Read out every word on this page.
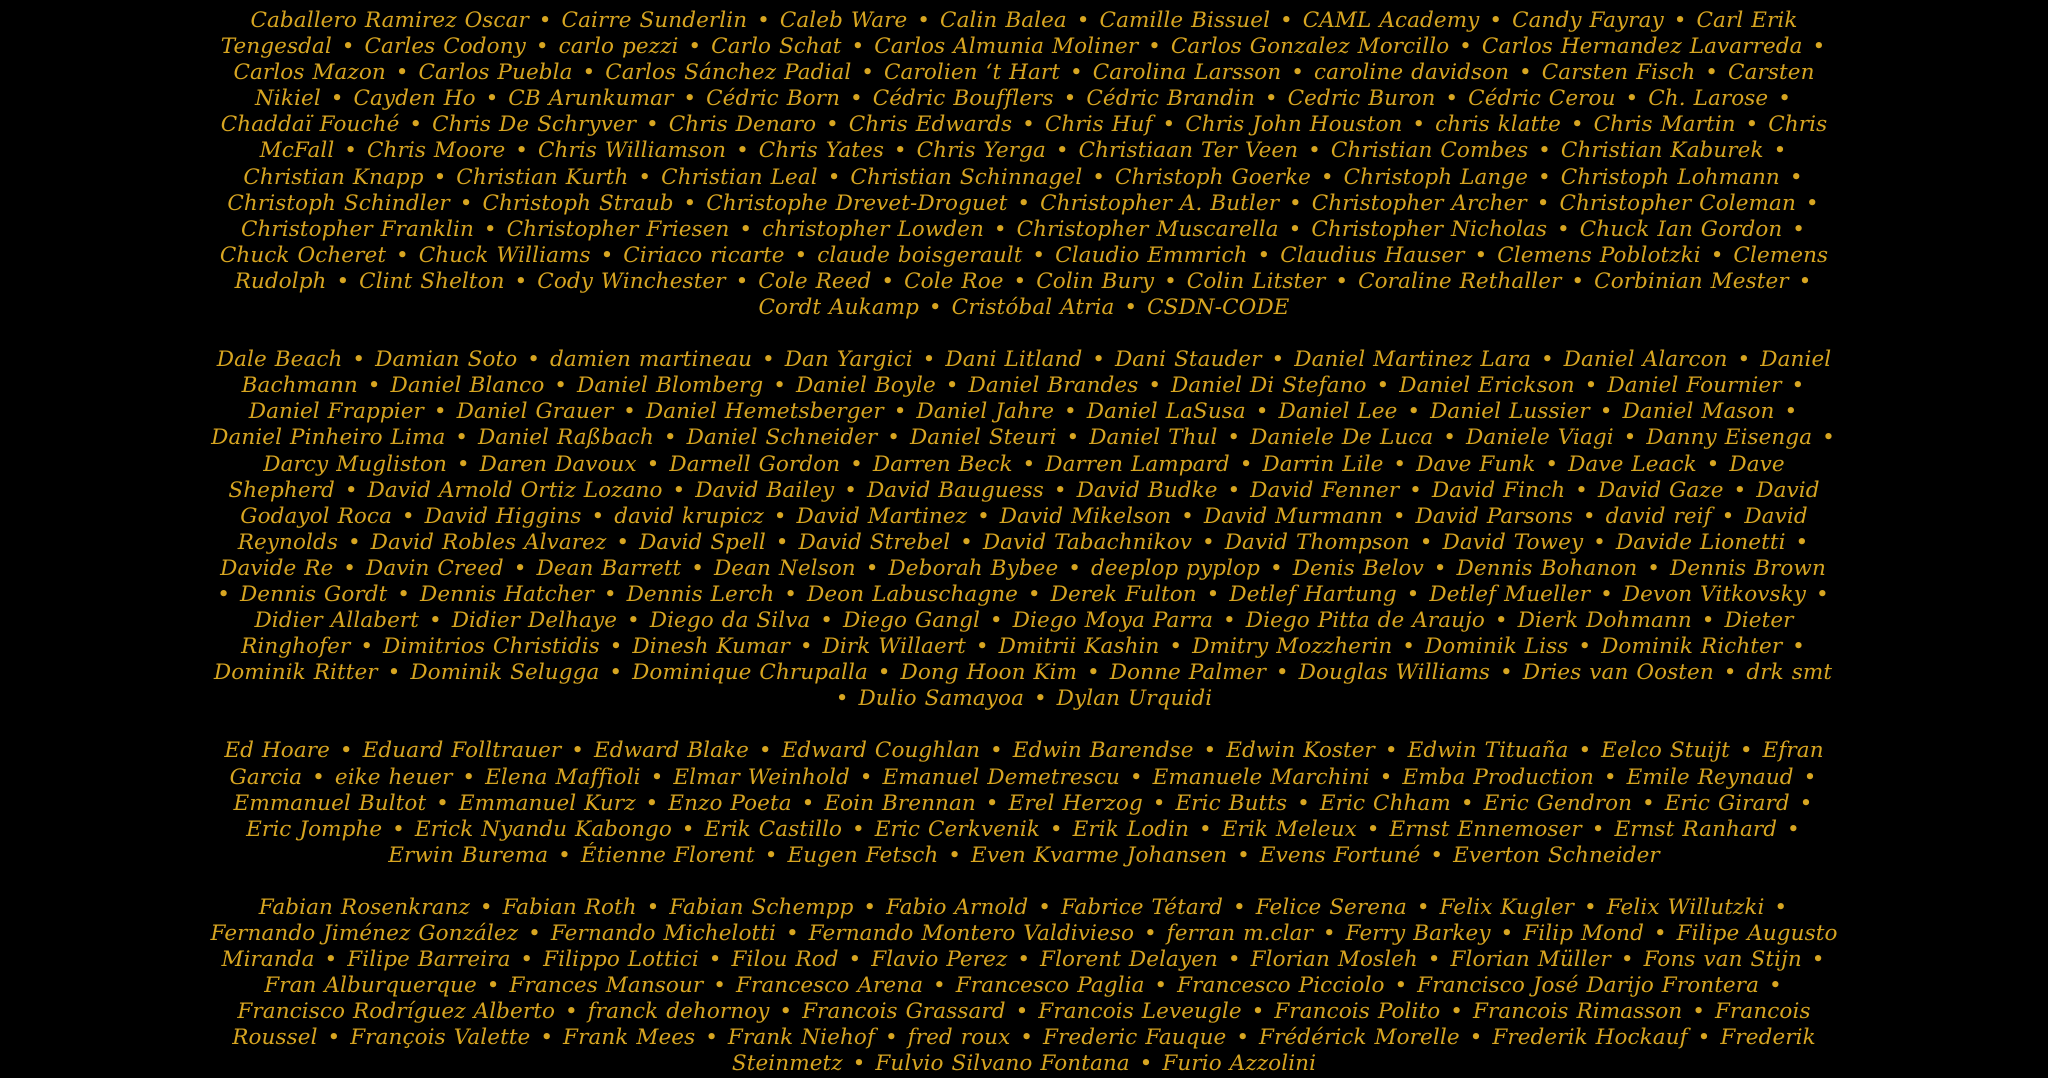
Caballero Ramirez Oscar • Cairre Sunderlin • Caleb Ware • Calin Balea • Camille Bissuel • CAML Academy • Candy Fayray • Carl Erik Tengesdal • Carles Codony • carlo pezzi • Carlo Schat • Carlos Almunia Moliner • Carlos Gonzalez Morcillo • Carlos Hernandez Lavarreda • Carlos Mazon • Carlos Puebla • Carlos Sánchez Padial • Carolien ‘t Hart • Carolina Larsson • caroline davidson • Carsten Fisch • Carsten Nikiel • Cayden Ho • CB Arunkumar • Cédric Born • Cédric Boufflers • Cédric Brandin • Cedric Buron • Cédric Cerou • Ch. Larose • Chaddaï Fouché • Chris De Schryver • Chris Denaro • Chris Edwards • Chris Huf • Chris John Houston • chris klatte • Chris Martin • Chris McFall • Chris Moore • Chris Williamson • Chris Yates • Chris Yerga • Christiaan Ter Veen • Christian Combes • Christian Kaburek • Christian Knapp • Christian Kurth • Christian Leal • Christian Schinnagel • Christoph Goerke • Christoph Lange • Christoph Lohmann • Christoph Schindler • Christoph Straub • Christophe Drevet-Droguet • Christopher A. Butler • Christopher Archer • Christopher Coleman • Christopher Franklin • Christopher Friesen • christopher Lowden • Christopher Muscarella • Christopher Nicholas • Chuck Ian Gordon • Chuck Ocheret • Chuck Williams • Ciriaco ricarte • claude boisgerault • Claudio Emmrich • Claudius Hauser • Clemens Poblotzki • Clemens Rudolph • Clint Shelton • Cody Winchester • Cole Reed • Cole Roe • Colin Bury • Colin Litster • Coraline Rethaller • Corbinian Mester • Cordt Aukamp • Cristóbal Atria • CSDN-CODE
Dale Beach • Damian Soto • damien martineau • Dan Yargici • Dani Litland • Dani Stauder • Daniel Martinez Lara • Daniel Alarcon • Daniel Bachmann • Daniel Blanco • Daniel Blomberg • Daniel Boyle • Daniel Brandes • Daniel Di Stefano • Daniel Erickson • Daniel Fournier • Daniel Frappier • Daniel Grauer • Daniel Hemetsberger • Daniel Jahre • Daniel LaSusa • Daniel Lee • Daniel Lussier • Daniel Mason • Daniel Pinheiro Lima • Daniel Raßbach • Daniel Schneider • Daniel Steuri • Daniel Thul • Daniele De Luca • Daniele Viagi • Danny Eisenga • Darcy Mugliston • Daren Davoux • Darnell Gordon • Darren Beck • Darren Lampard • Darrin Lile • Dave Funk • Dave Leack • Dave Shepherd • David Arnold Ortiz Lozano • David Bailey • David Bauguess • David Budke • David Fenner • David Finch • David Gaze • David Godayol Roca • David Higgins • david krupicz • David Martinez • David Mikelson • David Murmann • David Parsons • david reif • David Reynolds • David Robles Alvarez • David Spell • David Strebel • David Tabachnikov • David Thompson • David Towey • Davide Lionetti • Davide Re • Davin Creed • Dean Barrett • Dean Nelson • Deborah Bybee • deeplop pyplop • Denis Belov • Dennis Bohanon • Dennis Brown • Dennis Gordt • Dennis Hatcher • Dennis Lerch • Deon Labuschagne • Derek Fulton • Detlef Hartung • Detlef Mueller • Devon Vitkovsky • Didier Allabert • Didier Delhaye • Diego da Silva • Diego Gangl • Diego Moya Parra • Diego Pitta de Araujo • Dierk Dohmann • Dieter Ringhofer • Dimitrios Christidis • Dinesh Kumar • Dirk Willaert • Dmitrii Kashin • Dmitry Mozzherin • Dominik Liss • Dominik Richter • Dominik Ritter • Dominik Selugga • Dominique Chrupalla • Dong Hoon Kim • Donne Palmer • Douglas Williams • Dries van Oosten • drk smt • Dulio Samayoa • Dylan Urquidi
Ed Hoare • Eduard Folltrauer • Edward Blake • Edward Coughlan • Edwin Barendse • Edwin Koster • Edwin Tituaña • Eelco Stuijt • Efran Garcia • eike heuer • Elena Maffioli • Elmar Weinhold • Emanuel Demetrescu • Emanuele Marchini • Emba Production • Emile Reynaud • Emmanuel Bultot • Emmanuel Kurz • Enzo Poeta • Eoin Brennan • Erel Herzog • Eric Butts • Eric Chham • Eric Gendron • Eric Girard • Eric Jomphe • Erick Nyandu Kabongo • Erik Castillo • Eric Cerkvenik • Erik Lodin • Erik Meleux • Ernst Ennemoser • Ernst Ranhard • Erwin Burema • Étienne Florent • Eugen Fetsch • Even Kvarme Johansen • Evens Fortuné • Everton Schneider
Fabian Rosenkranz • Fabian Roth • Fabian Schempp • Fabio Arnold • Fabrice Tétard • Felice Serena • Felix Kugler • Felix Willutzki • Fernando Jiménez González • Fernando Michelotti • Fernando Montero Valdivieso • ferran m.clar • Ferry Barkey • Filip Mond • Filipe Augusto Miranda • Filipe Barreira • Filippo Lottici • Filou Rod • Flavio Perez • Florent Delayen • Florian Mosleh • Florian Müller • Fons van Stijn • Fran Alburquerque • Frances Mansour • Francesco Arena • Francesco Paglia • Francesco Picciolo • Francisco José Darijo Frontera • Francisco Rodríguez Alberto • franck dehornoy • Francois Grassard • Francois Leveugle • Francois Polito • Francois Rimasson • Francois Roussel • François Valette • Frank Mees • Frank Niehof • fred roux • Frederic Fauque • Frédérick Morelle • Frederik Hockauf • Frederik Steinmetz • Fulvio Silvano Fontana • Furio Azzolini
